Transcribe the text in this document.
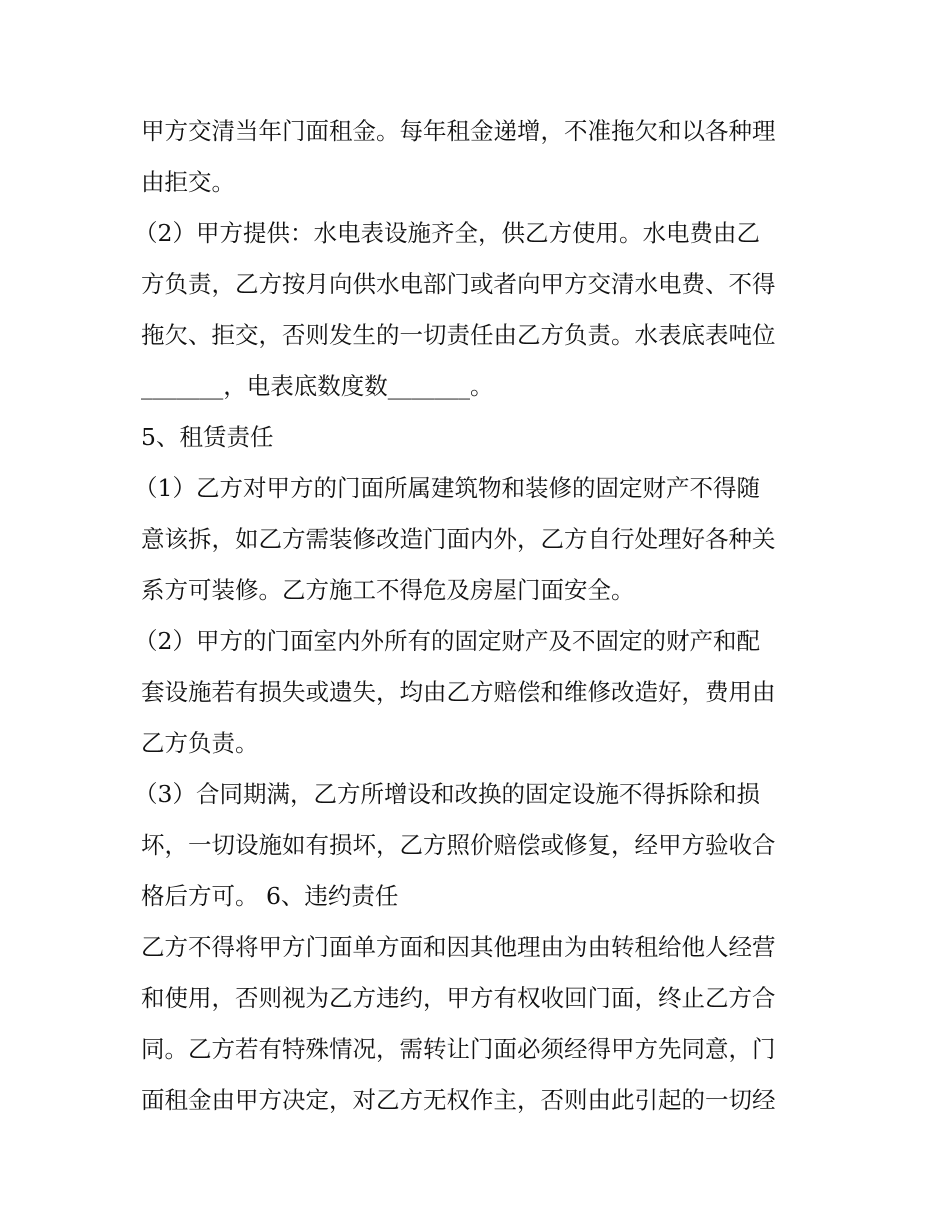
甲方交清当年门面租金。每年租金递增，不准拖欠和以各种理

由拒交。

（2）甲方提供：水电表设施齐全，供乙方使用。水电费由乙

方负责，乙方按月向供水电部门或者向甲方交清水电费、不得

拖欠、拒交，否则发生的一切责任由乙方负责。水表底表吨位

_______，电表底数度数_______。

5、租赁责任

（1）乙方对甲方的门面所属建筑物和装修的固定财产不得随

意该拆，如乙方需装修改造门面内外，乙方自行处理好各种关

系方可装修。乙方施工不得危及房屋门面安全。

（2）甲方的门面室内外所有的固定财产及不固定的财产和配

套设施若有损失或遗失，均由乙方赔偿和维修改造好，费用由

乙方负责。

（3）合同期满，乙方所增设和改换的固定设施不得拆除和损

坏，一切设施如有损坏，乙方照价赔偿或修复，经甲方验收合

格后方可。 6、违约责任

乙方不得将甲方门面单方面和因其他理由为由转租给他人经营

和使用，否则视为乙方违约，甲方有权收回门面，终止乙方合

同。乙方若有特殊情况，需转让门面必须经得甲方先同意，门

面租金由甲方决定，对乙方无权作主，否则由此引起的一切经
